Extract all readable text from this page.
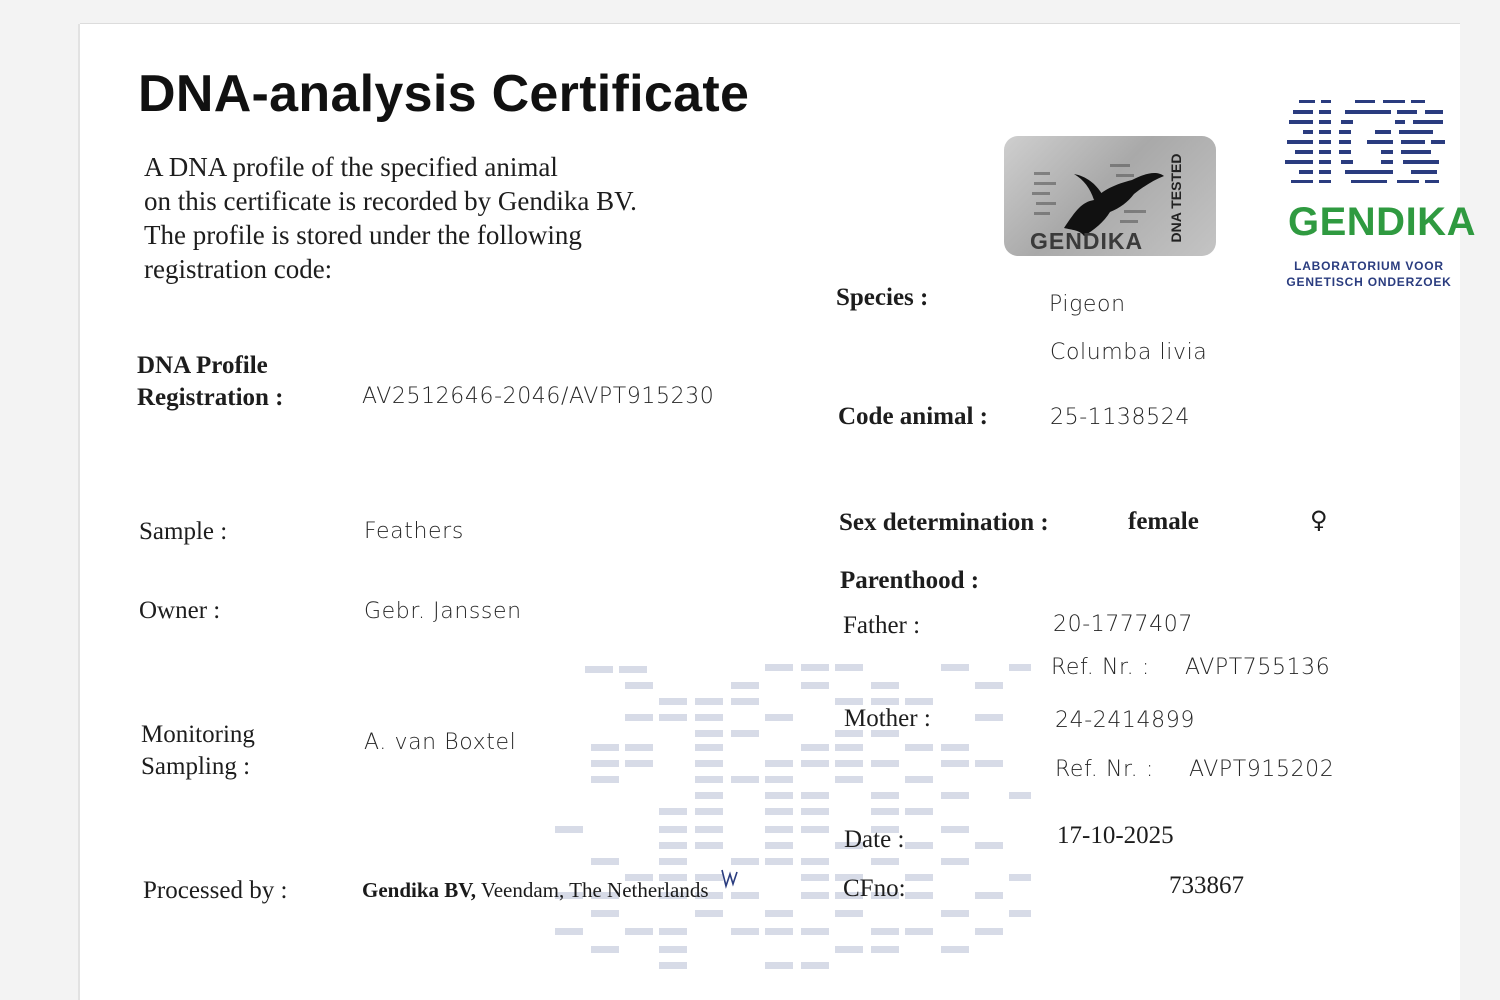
DNA-analysis Certificate
A DNA profile of the specified animal
on this certificate is recorded by Gendika BV.
The profile is stored under the following
registration code:
GENDIKA DNA TESTED	GENDIKA
LABORATORIUM VOOR
GENETISCH ONDERZOEK
DNA Profile
Registration :	AV2512646-2046/AVPT915230
Sample :	Feathers
Owner :	Gebr. Janssen
Monitoring
Sampling :
A. van Boxtel
Processed by :	Gendika BV, Veendam, The Netherlands
Species :	Pigeon
Columba livia
Code animal :	25-1138524
Sex determination :	female	♀
Parenthood :
Father :	20-1777407
Ref. Nr. : AVPT755136
Mother :	24-2414899
Ref. Nr. : AVPT915202
Date :	17-10-2025
CFno:	733867
